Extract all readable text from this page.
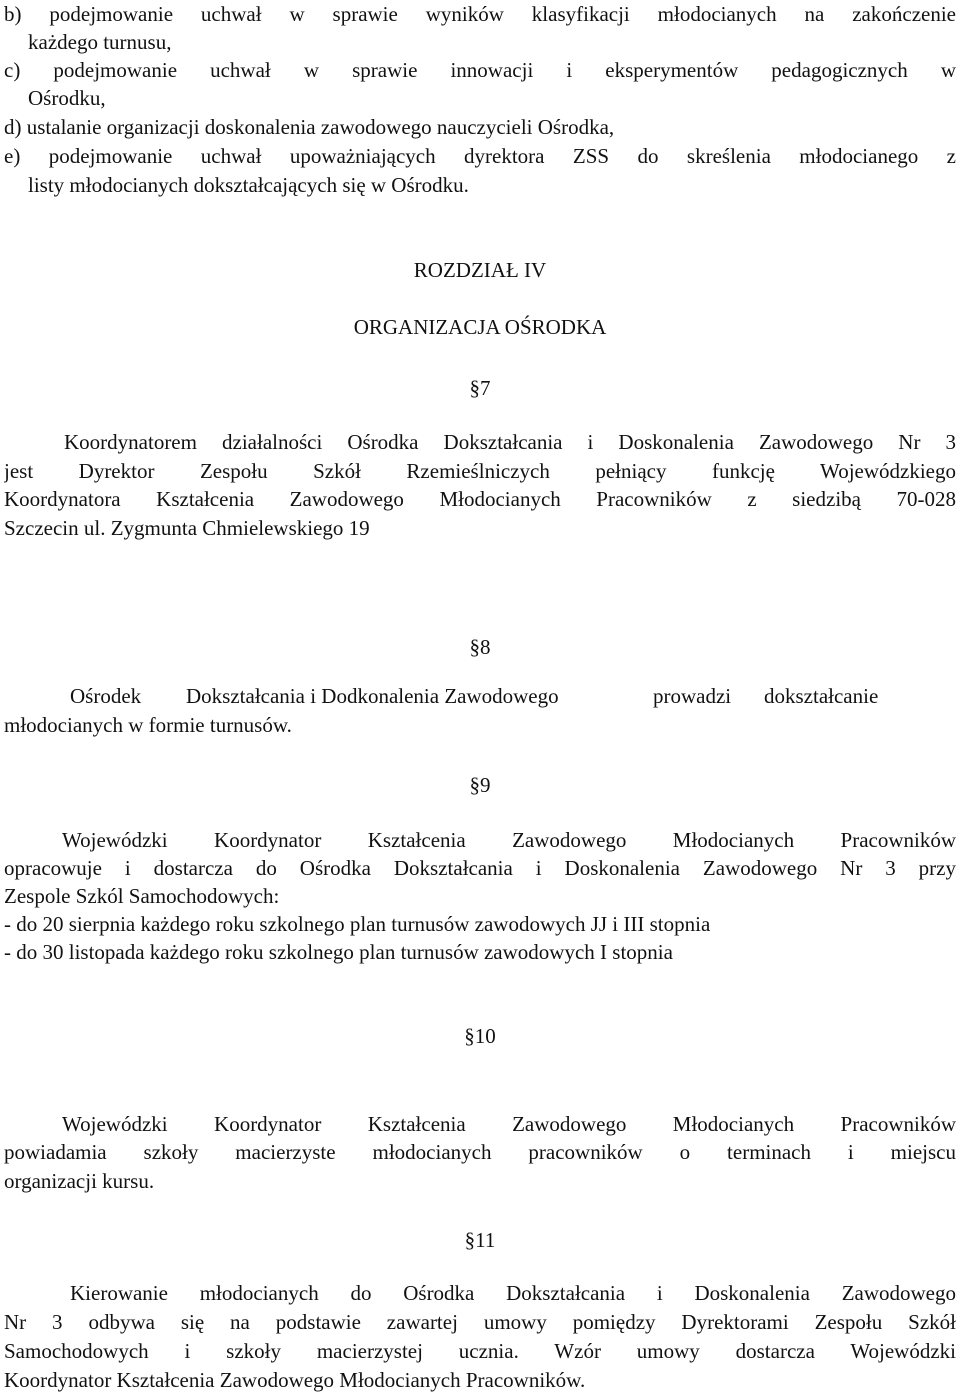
b) podejmowanie uchwał w sprawie wyników klasyfikacji młodocianych na zakończenie
każdego turnusu,
c) podejmowanie uchwał w sprawie innowacji i eksperymentów pedagogicznych w
Ośrodku,
d) ustalanie organizacji doskonalenia zawodowego nauczycieli Ośrodka,
e) podejmowanie uchwał upoważniających dyrektora ZSS do skreślenia młodocianego z
listy młodocianych dokształcających się w Ośrodku.
ROZDZIAŁ IV
ORGANIZACJA OŚRODKA
§7
Koordynatorem działalności Ośrodka Dokształcania i Doskonalenia Zawodowego Nr 3
jest Dyrektor Zespołu Szkół Rzemieślniczych pełniący funkcję Wojewódzkiego
Koordynatora Kształcenia Zawodowego Młodocianych Pracowników z siedzibą 70-028
Szczecin ul. Zygmunta Chmielewskiego 19
§8
Ośrodek Dokształcania i Dodkonalenia Zawodowego	prowadzi dokształcanie
młodocianych w formie turnusów.
§9
Wojewódzki Koordynator Kształcenia Zawodowego Młodocianych Pracowników
opracowuje i dostarcza do Ośrodka Dokształcania i Doskonalenia Zawodowego Nr 3 przy
Zespole Szkól Samochodowych:
- do 20 sierpnia każdego roku szkolnego plan turnusów zawodowych JJ i III stopnia
- do 30 listopada każdego roku szkolnego plan turnusów zawodowych I stopnia
§10
Wojewódzki Koordynator Kształcenia Zawodowego Młodocianych Pracowników
powiadamia szkoły macierzyste młodocianych pracowników o terminach i miejscu
organizacji kursu.
§11
Kierowanie młodocianych do Ośrodka Dokształcania i Doskonalenia Zawodowego
Nr 3 odbywa się na podstawie zawartej umowy pomiędzy Dyrektorami Zespołu Szkół
Samochodowych i szkoły macierzystej ucznia. Wzór umowy dostarcza Wojewódzki
Koordynator Kształcenia Zawodowego Młodocianych Pracowników.
